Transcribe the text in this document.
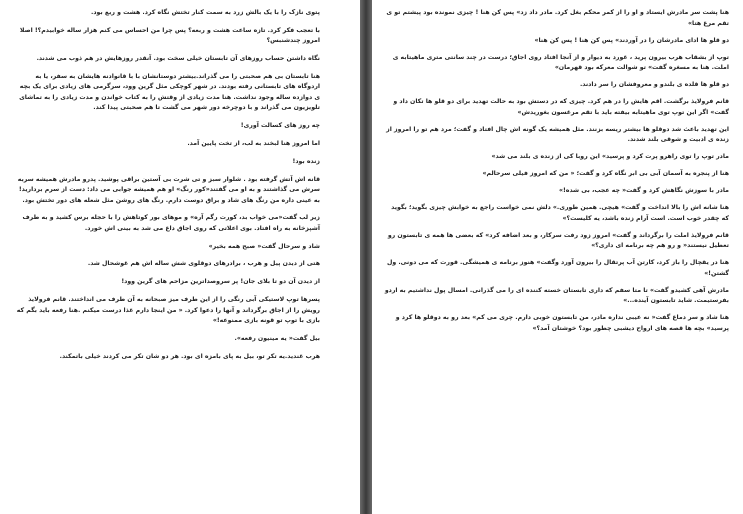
پتوی نازک را با یک بالش زرد به سمت کنار تختش نگاه کرد. هشت و ربع بود.

با تعجب فکر کرد. تازه ساعت هشت و ربعه؟ پس چرا من احساس می کنم هزار ساله خوابیدم؟! اصلا امروز چندشنبس؟

نگاه داشتن حساب روزهای آن تابستان خیلی سخت بود. آنقدر روزهایش در هم ذوب می شدند.

هنا تابستان بی هم صحبتی را می گذراند.بیشتر دوستانشان با با قانوادنه هایشان به سفر، یا به اردوگاه های تابستانی رفته بودند. در شهر کوچکی مثل گرین وود، سرگرمی های زیادی برای یک بچه ی دوازده ساله وجود نداشت. هنا مدت زیادی از وقتش را به کتاب خواندن و مدت زیادی را به تماشای تلویزیون می گذراند و با دوچرخه دور شهر می گشت تا هم صحبتی پیدا کند.

چه روز های کسالت آوری!

اما امروز هنا لبخند به لب، از تخت پایین آمد.

زنده بود!

قانه اش آتش گرفته بود . شلوار سبز و تی شرت بی آستین براقی پوشید. پدرو مادرش همیشه سربه سرش می گذاشتند و به او می گفتند«کور رنگ» او هم همیشه جوابی می داد: دست از سرم بردارید! به عینی داره من رنگ های شاد و براق دوست دارم. رنگ های روشن مثل شعله های دور تختش بود.

زیر لب گفت«می خواب بد، کورت رگم آره» و موهای بور کوتاهش را با حجله برس کشید و به طرف آشپزخانه به راه افتاد. بوی اعلاتی که روی اجاق داغ می شد به بینی اش خورد.

شاد و سرحال گفت« صبح همه بخیر»

هتی از دیدن پیل و هرب ، برادرهای دوقلوی شش ساله اش هم غوشحال شد.

از دیدن آن دو تا بلای جان! پر سروصداترین مزاحم های گرین وود!

پسرها توپ لاستیکی آبی رنگی را از این طرف میز صبحانه به آن طرف می انداختند. قانم فرولایذ رویش را از اجاق برگرداند و آنها را دعوا کرد. « من اینجا دارم غذا درست میکنم .هنا رفعه باید بگم که بازی با توپ تو قونه بازی ممنوعه!»

بیل گفت« یه مینیون رفعه».

هرب غندید.یه تکر تو، بیل به پای بامزه ای بود. هر دو شان تکر می کردند خیلی باتمکند.

هنا پشت سر مادرش ایستاد و او را از کمر محکم بغل کرد. مادر داد زد» پس کن هنا ! چیزی نمونده بود پیشتم تو ی تقم مرغ هتا»

دو قلو ها ادای مادرشان را در آوردند» پس کن هنا ! پس کن هنا»

توپ از بشقاب هرب بیرون پرید ، غورد به دیوار و از آنجا افتاد روی اجاق؛ درست در چند سانتی متری ماهیتابه ی املت. هنا به مسغره گفت» تو شوالت معرکه بود قهرمان»

دو قلو ها قلده ی بلندو و معروفشان را سر دادند.

قانم فرولایذ برگشت. اقم هایش را در هم کرد. چیزی که در دستش بود به حالت تهدید برای دو قلو ها تکان داد و گفت» اگر این توپ توی ماهیتابه بیفته باید با تقم مرغسون بغوریدش»

این تهدید باعث شد دوقلو ها بیشتر ریسه بزنند. مثل همیشه یک گونه اش چال افتاد و گفت؛ مرد هم تو را امروز از زنده ی ادبیت و شوقی بلند شدند.

مادر توپ را توی راهرو پرت کرد و پرسید» این روبا کی از زنده ی بلند می شد»

هنا از پنجره به آسمان آبی بی ابر نگاه کرد و گفت؛ « من که امروز فیلی سرحالم»

مادر با سوزش نگاهش کرد و گفت« چه عجب، بی شده!»

هنا شانه اش را بالا انداخت و گفت» هیچی. همین طوری.» دلش نمی خواست راجع به خوابش چیزی بگوید؛ بگوید که چقدر خوب است. است آرام زنده باشد، یه کلیست؟»

قانم فرولایذ املت را برگرداند و گفت» امروز زود رفت سرکار، و بعد اضافه کرد» که بعضی ها همه ی تابستون رو تعطیل نیستند« و رو هم چه برنامه ای داری؟»

هنا در یقچال را باز کرد، کارتن آب پرتقال را بیرون آورد وگفت» هنوز برنامه ی همیشگی. قورت که می دونی. ول گشتن!»

مادرش آهی کشیدو گفت» تا متا سفم که داری تابستان خسته کننده ای را می گذرانی. امسال پول نداشتیم به اردو بفرستیمت. شاید تابستون آینده...»

هنا شاد و سر دماغ گفت« نه عیبی نداره مادر، من تابستون خوبی دارم. چری می کم» بعد رو به دوقلو ها کرد و پرسید» بچه ها قصه های ارواح دیشبی چطور بود؟ خوشتان آمد؟»
